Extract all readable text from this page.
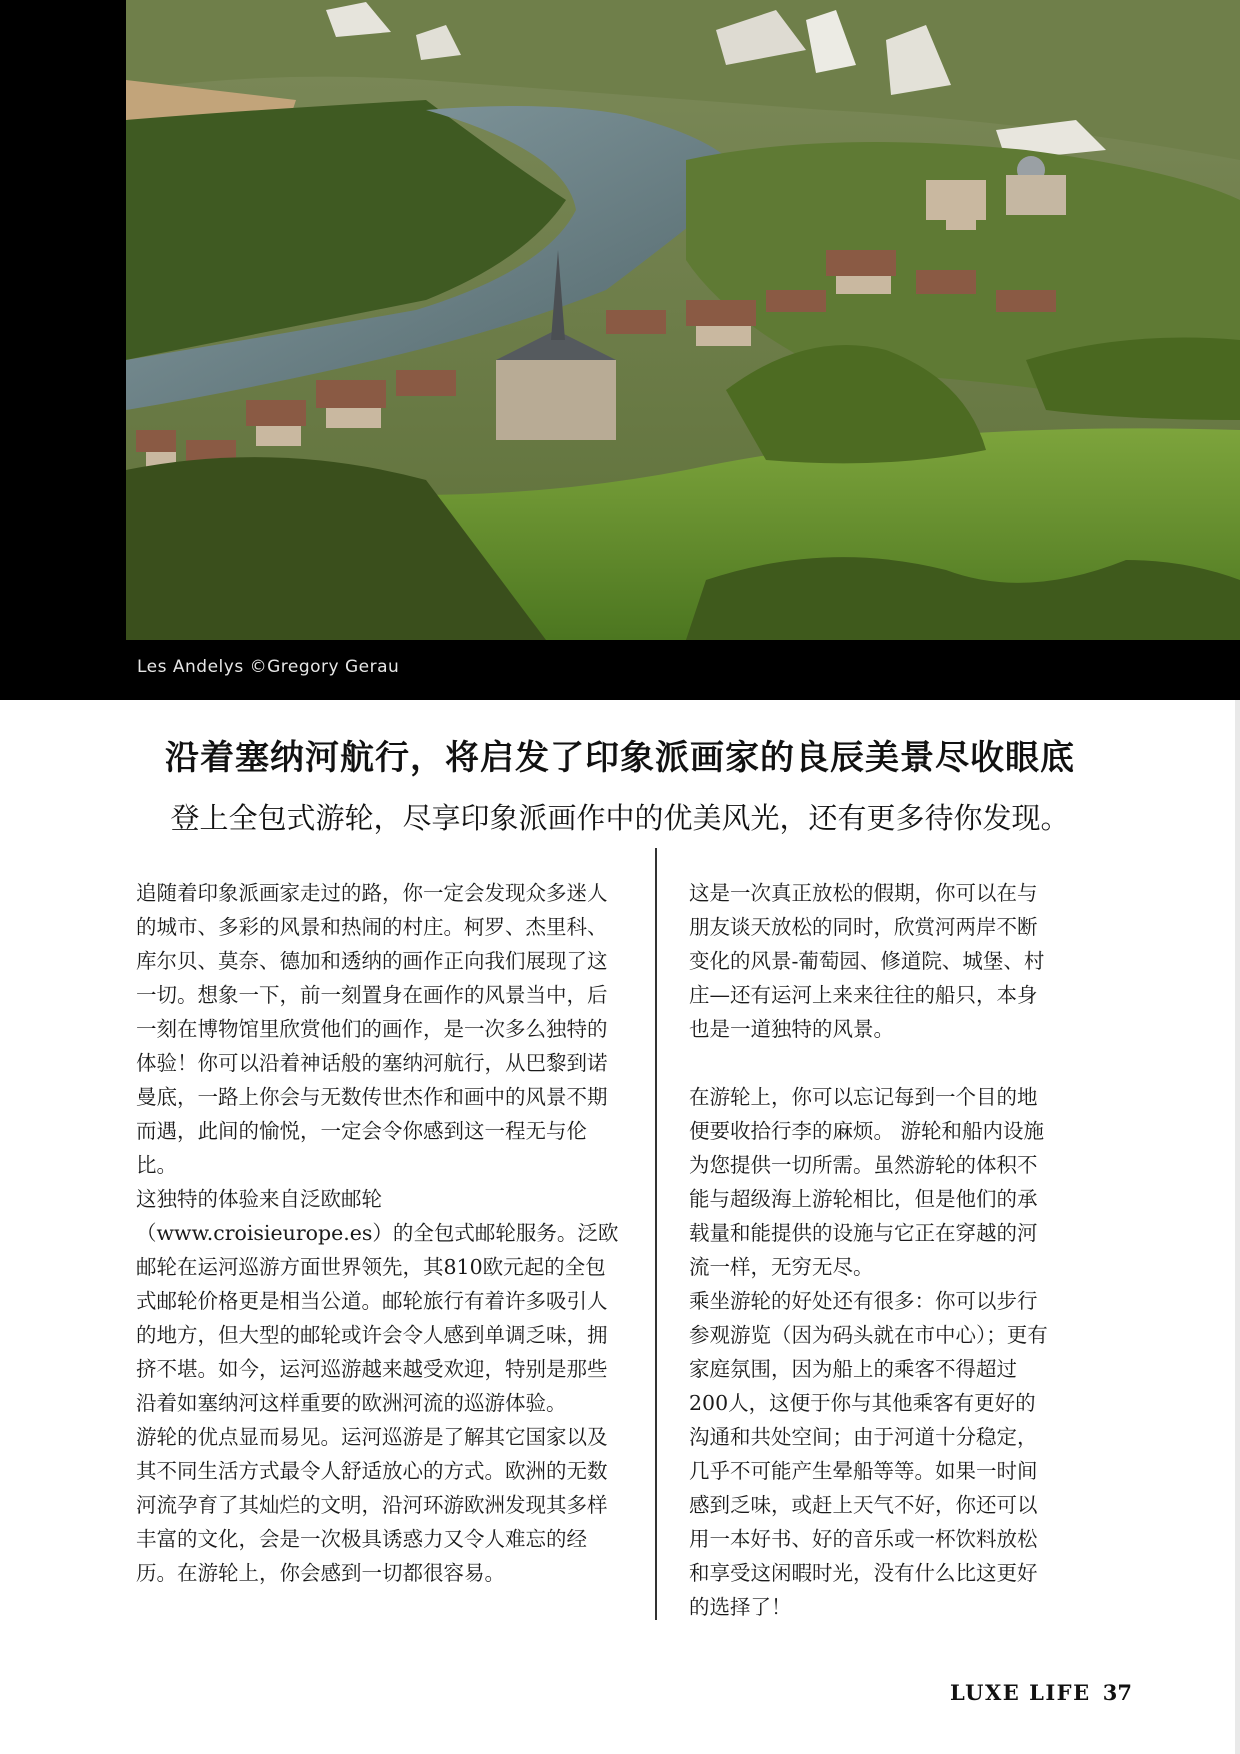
Les Andelys ©Gregory Gerau
沿着塞纳河航行，将启发了印象派画家的良辰美景尽收眼底
登上全包式游轮，尽享印象派画作中的优美风光，还有更多待你发现。

追随着印象派画家走过的路，你一定会发现众多迷人的城市、多彩的风景和热闹的村庄。柯罗、杰里科、库尔贝、莫奈、德加和透纳的画作正向我们展现了这一切。想象一下，前一刻置身在画作的风景当中，后一刻在博物馆里欣赏他们的画作，是一次多么独特的体验！你可以沿着神话般的塞纳河航行，从巴黎到诺曼底，一路上你会与无数传世杰作和画中的风景不期而遇，此间的愉悦，一定会令你感到这一程无与伦比。

这独特的体验来自泛欧邮轮（www.croisieurope.es）的全包式邮轮服务。泛欧邮轮在运河巡游方面世界领先，其810欧元起的全包式邮轮价格更是相当公道。邮轮旅行有着许多吸引人的地方，但大型的邮轮或许会令人感到单调乏味，拥挤不堪。如今，运河巡游越来越受欢迎，特别是那些沿着如塞纳河这样重要的欧洲河流的巡游体验。

游轮的优点显而易见。运河巡游是了解其它国家以及其不同生活方式最令人舒适放心的方式。欧洲的无数河流孕育了其灿烂的文明，沿河环游欧洲发现其多样丰富的文化，会是一次极具诱惑力又令人难忘的经历。在游轮上，你会感到一切都很容易。

这是一次真正放松的假期，你可以在与朋友谈天放松的同时，欣赏河两岸不断变化的风景-葡萄园、修道院、城堡、村庄—还有运河上来来往往的船只，本身也是一道独特的风景。

在游轮上，你可以忘记每到一个目的地便要收拾行李的麻烦。 游轮和船内设施为您提供一切所需。虽然游轮的体积不能与超级海上游轮相比，但是他们的承载量和能提供的设施与它正在穿越的河流一样，无穷无尽。

乘坐游轮的好处还有很多：你可以步行参观游览（因为码头就在市中心）；更有家庭氛围，因为船上的乘客不得超过200人，这便于你与其他乘客有更好的沟通和共处空间；由于河道十分稳定，几乎不可能产生晕船等等。如果一时间感到乏味，或赶上天气不好，你还可以用一本好书、好的音乐或一杯饮料放松和享受这闲暇时光，没有什么比这更好的选择了！

LUXE LIFE 37
